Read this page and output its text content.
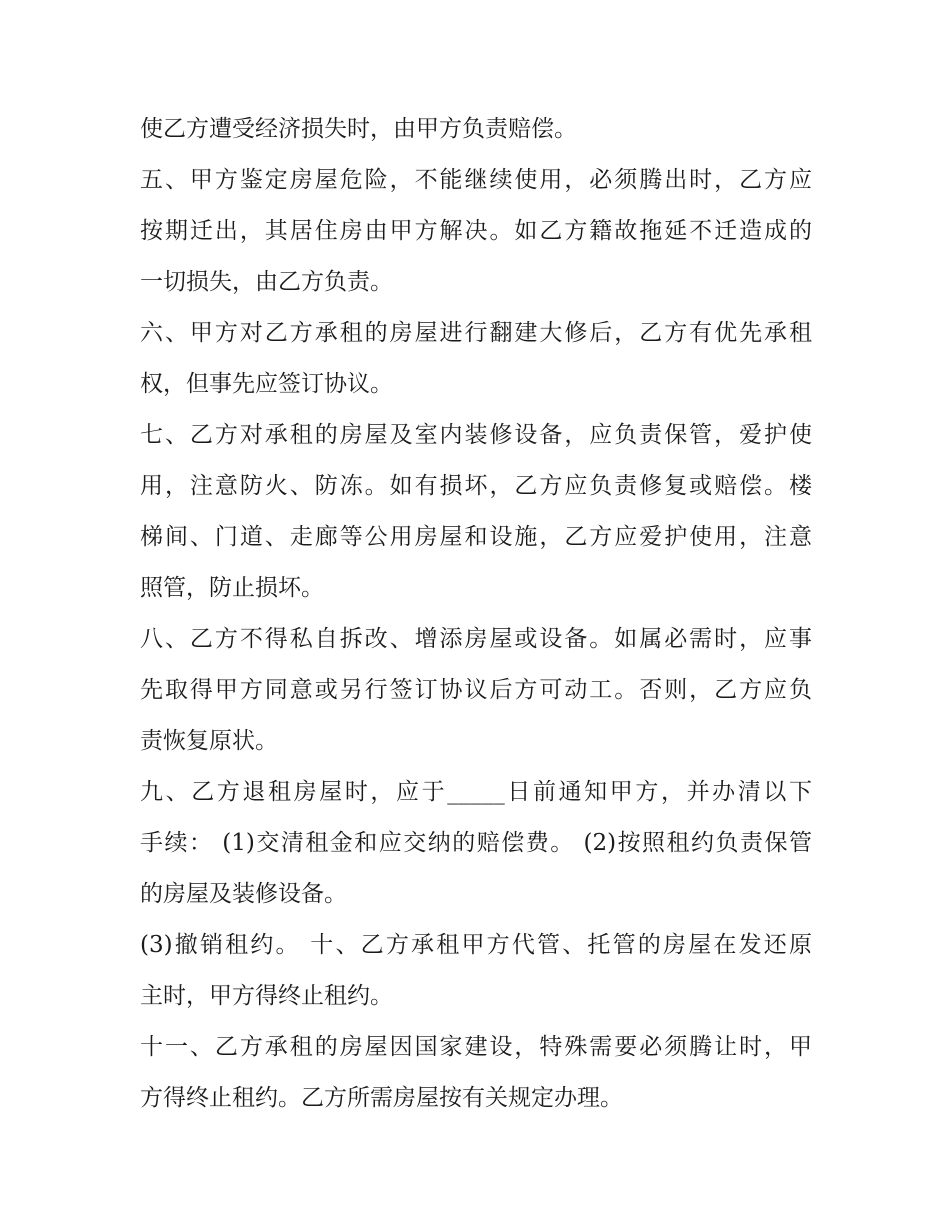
使乙方遭受经济损失时，由甲方负责赔偿。
五、甲方鉴定房屋危险，不能继续使用，必须腾出时，乙方应
按期迁出，其居住房由甲方解决。如乙方籍故拖延不迁造成的
一切损失，由乙方负责。
六、甲方对乙方承租的房屋进行翻建大修后，乙方有优先承租
权，但事先应签订协议。
七、乙方对承租的房屋及室内装修设备，应负责保管，爱护使
用，注意防火、防冻。如有损坏，乙方应负责修复或赔偿。楼
梯间、门道、走廊等公用房屋和设施，乙方应爱护使用，注意
照管，防止损坏。
八、乙方不得私自拆改、增添房屋或设备。如属必需时，应事
先取得甲方同意或另行签订协议后方可动工。否则，乙方应负
责恢复原状。
九、乙方退租房屋时，应于_____日前通知甲方，并办清以下
手续： (1)交清租金和应交纳的赔偿费。 (2)按照租约负责保管
的房屋及装修设备。
(3)撤销租约。 十、乙方承租甲方代管、托管的房屋在发还原
主时，甲方得终止租约。
十一、乙方承租的房屋因国家建设，特殊需要必须腾让时，甲
方得终止租约。乙方所需房屋按有关规定办理。
